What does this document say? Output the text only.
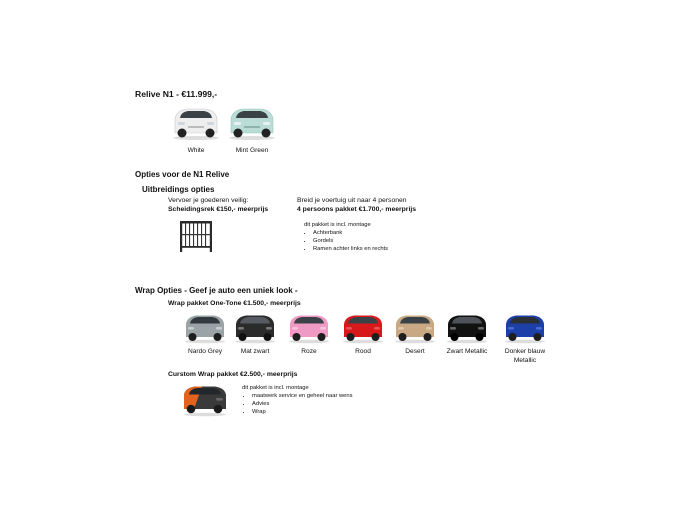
Relive N1 - €11.999,-
White	Mint Green
Opties voor de N1 Relive
Uitbreidings opties
Vervoer je goederen veilig:
Scheidingsrek €150,- meerprijs
Breid je voertuig uit naar 4 personen
4 persoons pakket €1.700,- meerprijs
dit pakket is incl. montage
• Achterbank
• Gordels
• Ramen achter links en rechts
Wrap Opties - Geef je auto een uniek look -
Wrap pakket One-Tone €1.500,- meerprijs
Nardo Grey	Mat zwart	Roze	Rood	Desert	Zwart Metallic	Donker blauw Metallic
Curstom Wrap pakket €2.500,- meerprijs
dit pakket is incl. montage
• maatwerk service en geheel naar wens
• Advies
• Wrap
